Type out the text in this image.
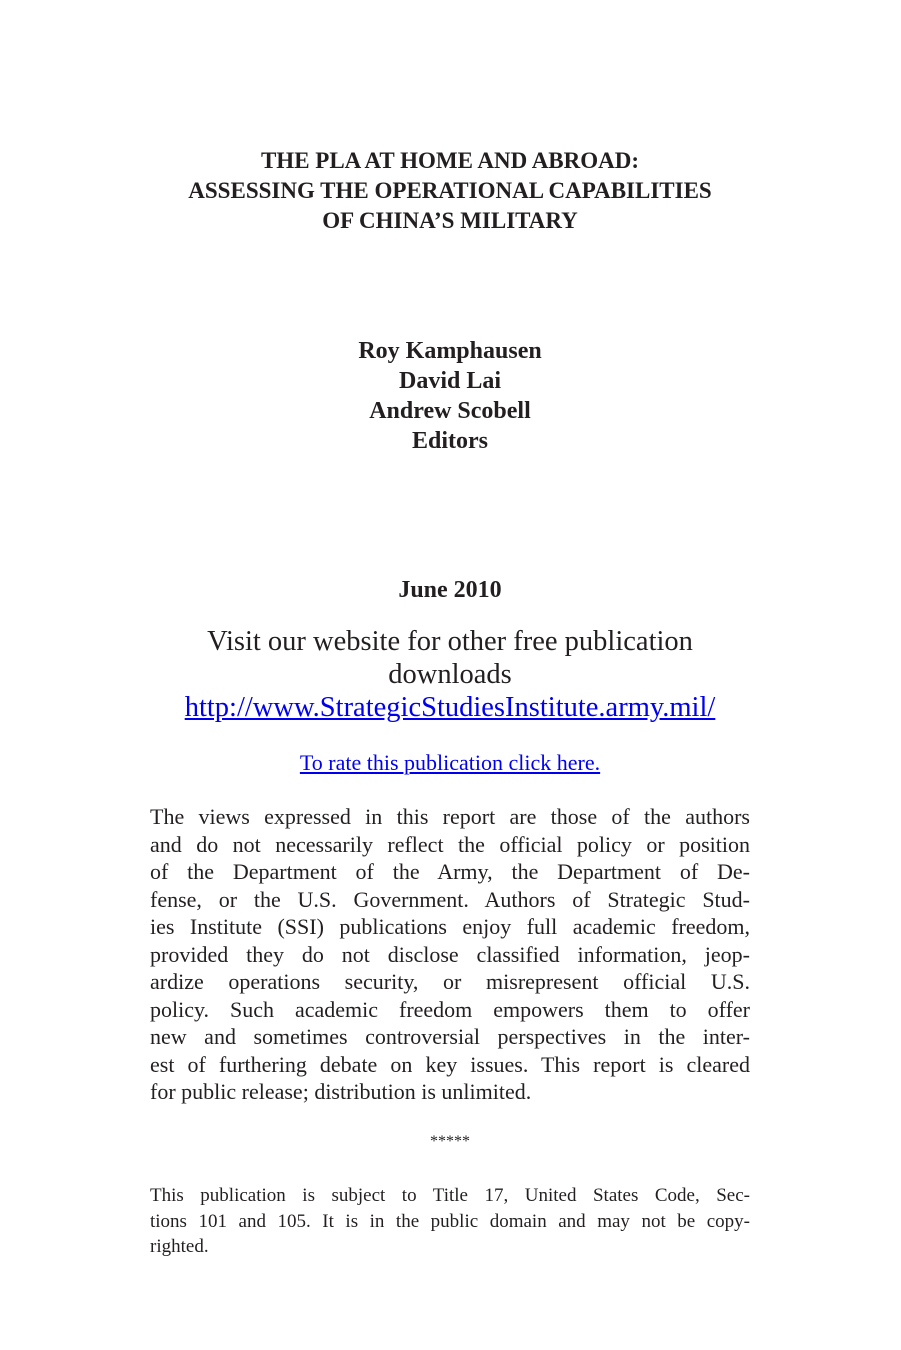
THE PLA AT HOME AND ABROAD:
ASSESSING THE OPERATIONAL CAPABILITIES
OF CHINA’S MILITARY
Roy Kamphausen
David Lai
Andrew Scobell
Editors
June 2010
Visit our website for other free publication
downloads
http://www.StrategicStudiesInstitute.army.mil/
To rate this publication click here.
The views expressed in this report are those of the authors
and do not necessarily reflect the official policy or position
of the Department of the Army, the Department of De-
fense, or the U.S. Government. Authors of Strategic Stud-
ies Institute (SSI) publications enjoy full academic freedom,
provided they do not disclose classified information, jeop-
ardize operations security, or misrepresent official U.S.
policy. Such academic freedom empowers them to offer
new and sometimes controversial perspectives in the inter-
est of furthering debate on key issues. This report is cleared
for public release; distribution is unlimited.
*****
This publication is subject to Title 17, United States Code, Sec-
tions 101 and 105. It is in the public domain and may not be copy-
righted.
